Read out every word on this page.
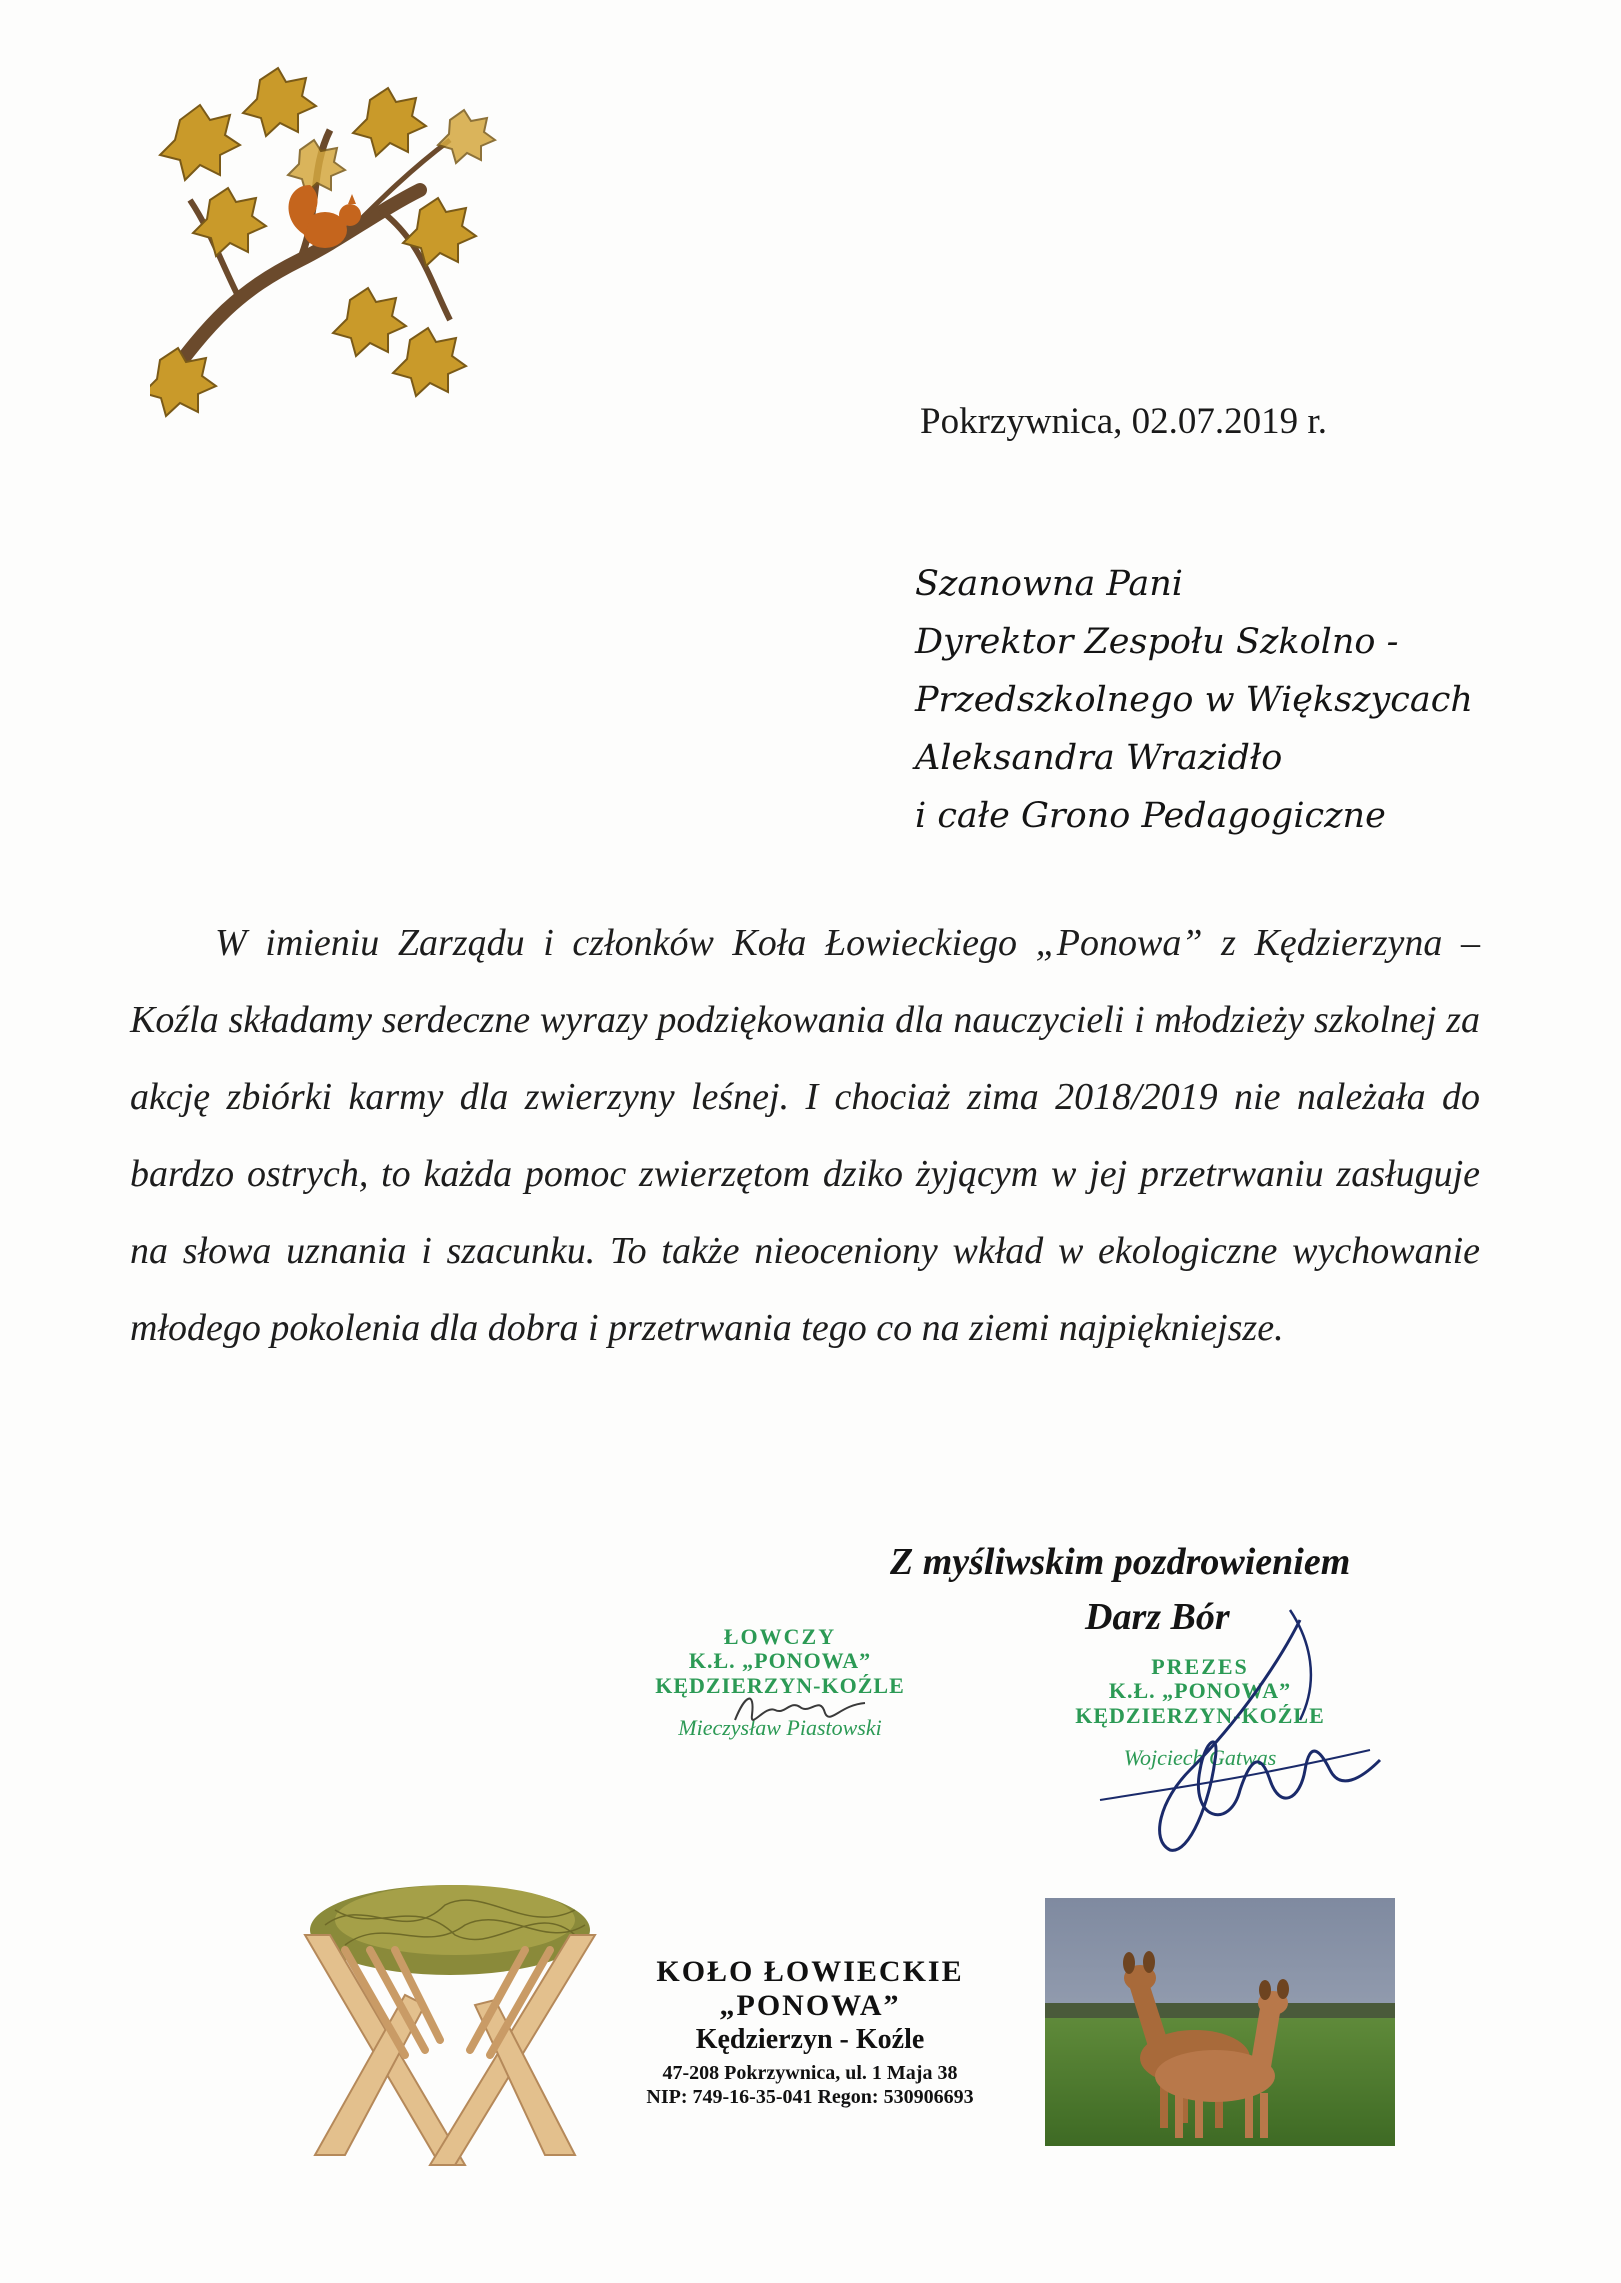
Pokrzywnica, 02.07.2019 r.
Szanowna Pani
Dyrektor Zespołu Szkolno -
Przedszkolnego w Większycach
Aleksandra Wrazidło
i całe Grono Pedagogiczne
W imieniu Zarządu i członków Koła Łowieckiego „Ponowa” z Kędzierzyna – Koźla składamy serdeczne wyrazy podziękowania dla nauczycieli i młodzieży szkolnej za akcję zbiórki karmy dla zwierzyny leśnej. I chociaż zima 2018/2019 nie należała do bardzo ostrych, to każda pomoc zwierzętom dziko żyjącym w jej przetrwaniu zasługuje na słowa uznania i szacunku. To także nieoceniony wkład w ekologiczne wychowanie młodego pokolenia dla dobra i przetrwania tego co na ziemi najpiękniejsze.
Z myśliwskim pozdrowieniem
Darz Bór
ŁOWCZY
K.Ł. „PONOWA”
KĘDZIERZYN-KOŹLE
Mieczysław Piastowski
PREZES
K.Ł. „PONOWA”
KĘDZIERZYN-KOŹLE
Wojciech Gatwas
KOŁO ŁOWIECKIE
„PONOWA”
Kędzierzyn - Koźle
47-208 Pokrzywnica, ul. 1 Maja 38
NIP: 749-16-35-041 Regon: 530906693
